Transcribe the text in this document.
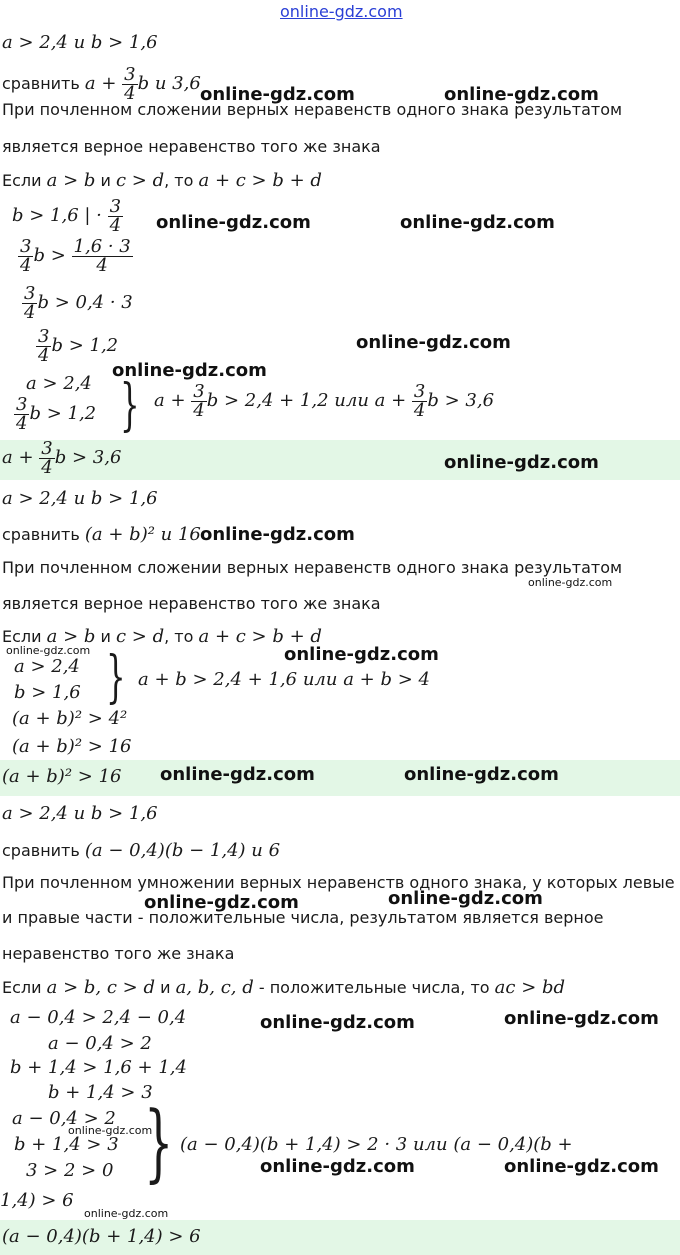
online-gdz.com
a > 2,4 и b > 1,6
сравнить $a + \frac{3}{4}$ b и 3,6
При почленном сложении верных неравенств одного знака результатом
является верное неравенство того же знака
Если a > b и c > d, то a + c > b + d
b > 1,6 | · $\frac{3}{4}$
$\frac{3}{4}$ $b > \frac{1,6 \cdot 3}{4}$
$\frac{3}{4}$ b > 0,4 · 3
$\frac{3}{4}$ b > 1,2
a > 2,4
$\frac{3}{4}$ b > 1,2 } $a + \frac{3}{4}$ b > 2,4 + 1,2 или $a + \frac{3}{4}$ b > 3,6
$a + \frac{3}{4}$ b > 3,6
a > 2,4 и b > 1,6
сравнить (a + b)² и 16
При почленном сложении верных неравенств одного знака результатом
является верное неравенство того же знака
Если a > b и c > d, то a + c > b + d
a > 2,4
b > 1,6 } a + b > 2,4 + 1,6 или a + b > 4
(a + b)² > 4²
(a + b)² > 16
(a + b)² > 16
a > 2,4 и b > 1,6
сравнить (a − 0,4)(b − 1,4) и 6
При почленном умножении верных неравенств одного знака, у которых левые
и правые части - положительные числа, результатом является верное
неравенство того же знака
Если a > b, c > d и a, b, c, d - положительные числа, то ac > bd
a − 0,4 > 2,4 − 0,4
a − 0,4 > 2
b + 1,4 > 1,6 + 1,4
b + 1,4 > 3
a − 0,4 > 2
b + 1,4 > 3
3 > 2 > 0 } (a − 0,4)(b + 1,4) > 2 · 3 или (a − 0,4)(b +
1,4) > 6
(a − 0,4)(b + 1,4) > 6
online-gdz.com	online-gdz.com
online-gdz.com	online-gdz.com
online-gdz.com
online-gdz.com
online-gdz.com
online-gdz.com
online-gdz.com
online-gdz.com
online-gdz.com
online-gdz.com	online-gdz.com
online-gdz.com
online-gdz.com
online-gdz.com	online-gdz.com
online-gdz.com
online-gdz.com	online-gdz.com
online-gdz.com
